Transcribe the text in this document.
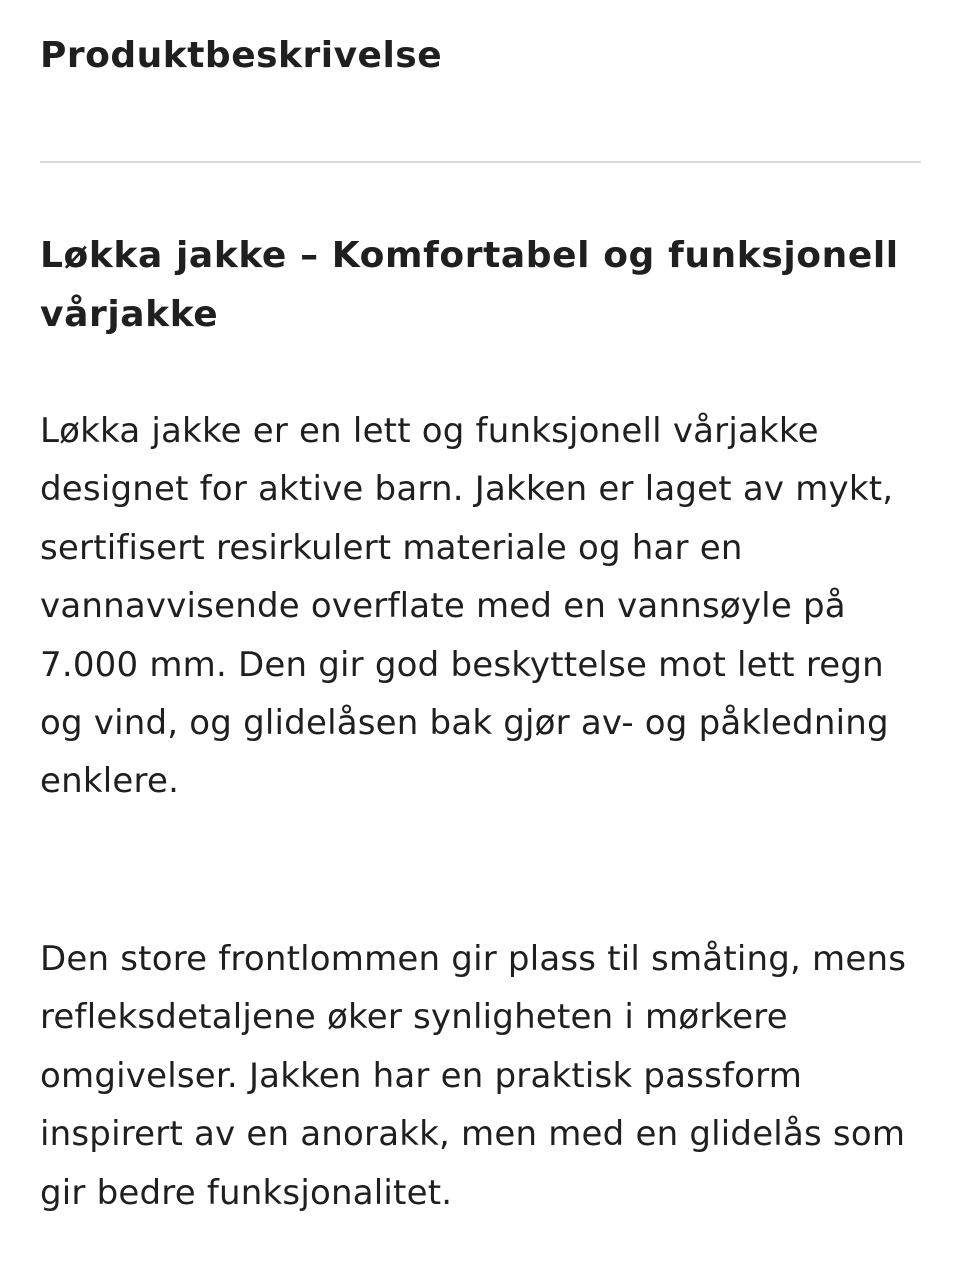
Produktbeskrivelse
Løkka jakke – Komfortabel og funksjonell vårjakke

Løkka jakke er en lett og funksjonell vårjakke designet for aktive barn. Jakken er laget av mykt, sertifisert resirkulert materiale og har en vannavvisende overflate med en vannsøyle på 7.000 mm. Den gir god beskyttelse mot lett regn og vind, og glidelåsen bak gjør av- og påkledning enklere.

Den store frontlommen gir plass til småting, mens refleksdetaljene øker synligheten i mørkere omgivelser. Jakken har en praktisk passform inspirert av en anorakk, men med en glidelås som gir bedre funksjonalitet.
